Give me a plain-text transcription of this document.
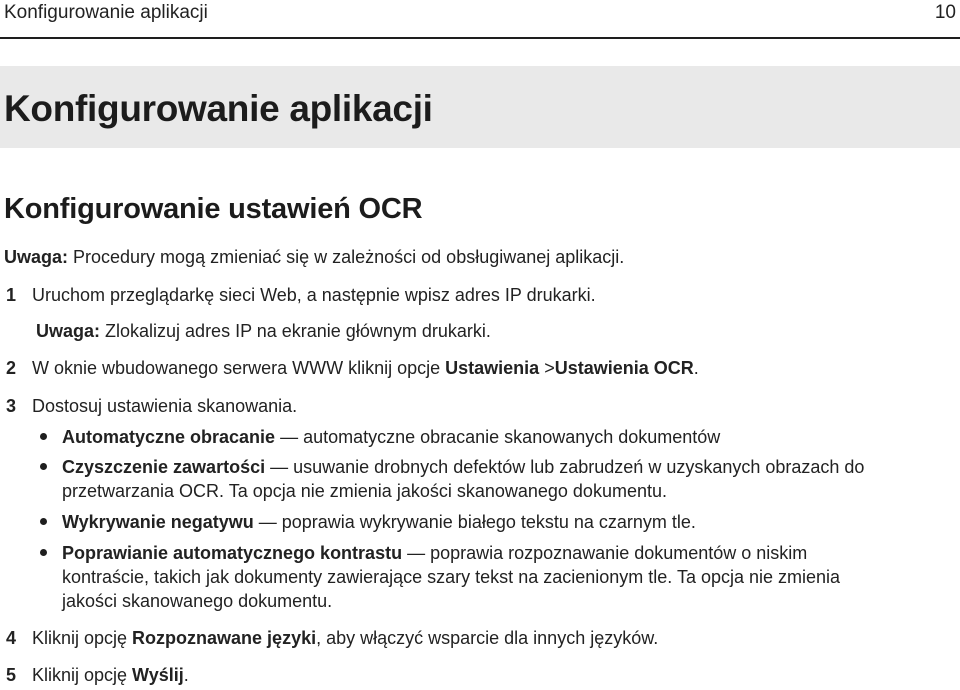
Konfigurowanie aplikacji	10
Konfigurowanie aplikacji
Konfigurowanie ustawień OCR
Uwaga: Procedury mogą zmieniać się w zależności od obsługiwanej aplikacji.
1 Uruchom przeglądarkę sieci Web, a następnie wpisz adres IP drukarki.
Uwaga: Zlokalizuj adres IP na ekranie głównym drukarki.
2 W oknie wbudowanego serwera WWW kliknij opcje Ustawienia >Ustawienia OCR.
3 Dostosuj ustawienia skanowania.
Automatyczne obracanie — automatyczne obracanie skanowanych dokumentów
Czyszczenie zawartości — usuwanie drobnych defektów lub zabrudzeń w uzyskanych obrazach do
przetwarzania OCR. Ta opcja nie zmienia jakości skanowanego dokumentu.
Wykrywanie negatywu — poprawia wykrywanie białego tekstu na czarnym tle.
Poprawianie automatycznego kontrastu — poprawia rozpoznawanie dokumentów o niskim
kontraście, takich jak dokumenty zawierające szary tekst na zacienionym tle. Ta opcja nie zmienia
jakości skanowanego dokumentu.
4 Kliknij opcję Rozpoznawane języki, aby włączyć wsparcie dla innych języków.
5 Kliknij opcję Wyślij.
